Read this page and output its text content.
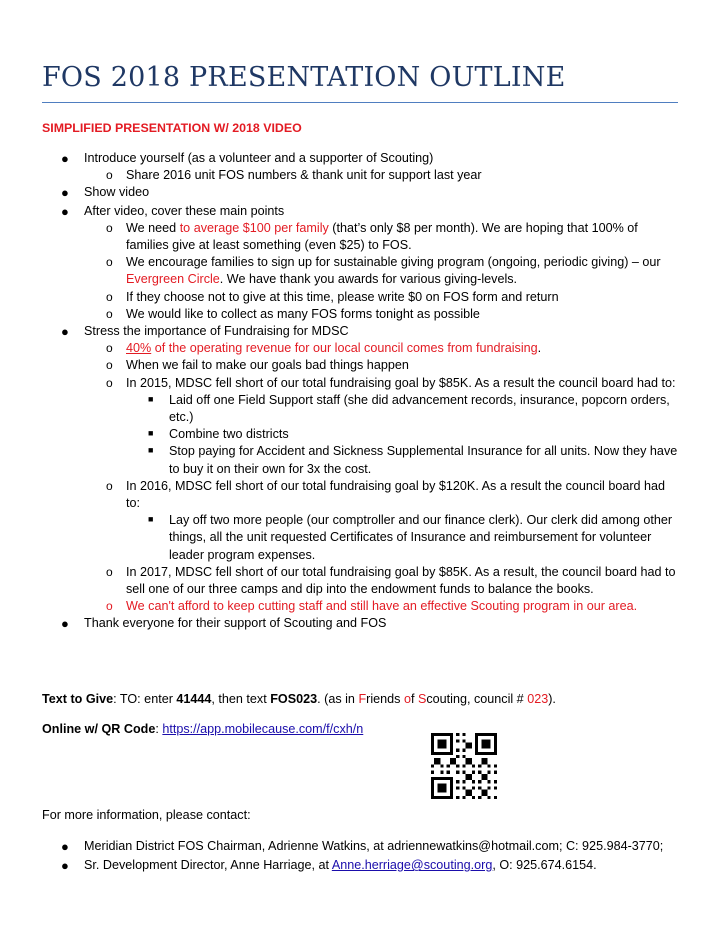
FOS 2018 PRESENTATION OUTLINE
SIMPLIFIED PRESENTATION W/ 2018 VIDEO
● Introduce yourself (as a volunteer and a supporter of Scouting)
o Share 2016 unit FOS numbers & thank unit for support last year
● Show video
● After video, cover these main points
o We need to average $100 per family (that’s only $8 per month). We are hoping that 100% of families give at least something (even $25) to FOS.
o We encourage families to sign up for sustainable giving program (ongoing, periodic giving) – our Evergreen Circle. We have thank you awards for various giving-levels.
o If they choose not to give at this time, please write $0 on FOS form and return
o We would like to collect as many FOS forms tonight as possible
● Stress the importance of Fundraising for MDSC
o 40% of the operating revenue for our local council comes from fundraising.
o When we fail to make our goals bad things happen
o In 2015, MDSC fell short of our total fundraising goal by $85K. As a result the council board had to:
■ Laid off one Field Support staff (she did advancement records, insurance, popcorn orders, etc.)
■ Combine two districts
■ Stop paying for Accident and Sickness Supplemental Insurance for all units. Now they have to buy it on their own for 3x the cost.
o In 2016, MDSC fell short of our total fundraising goal by $120K. As a result the council board had to:
■ Lay off two more people (our comptroller and our finance clerk). Our clerk did among other things, all the unit requested Certificates of Insurance and reimbursement for volunteer leader program expenses.
o In 2017, MDSC fell short of our total fundraising goal by $85K. As a result, the council board had to sell one of our three camps and dip into the endowment funds to balance the books.
o We can't afford to keep cutting staff and still have an effective Scouting program in our area.
● Thank everyone for their support of Scouting and FOS
Text to Give: TO: enter 41444, then text FOS023. (as in Friends of Scouting, council # 023).
Online w/ QR Code: https://app.mobilecause.com/f/cxh/n
For more information, please contact:
● Meridian District FOS Chairman, Adrienne Watkins, at adriennewatkins@hotmail.com; C: 925.984-3770;
● Sr. Development Director, Anne Harriage, at Anne.herriage@scouting.org, O: 925.674.6154.
